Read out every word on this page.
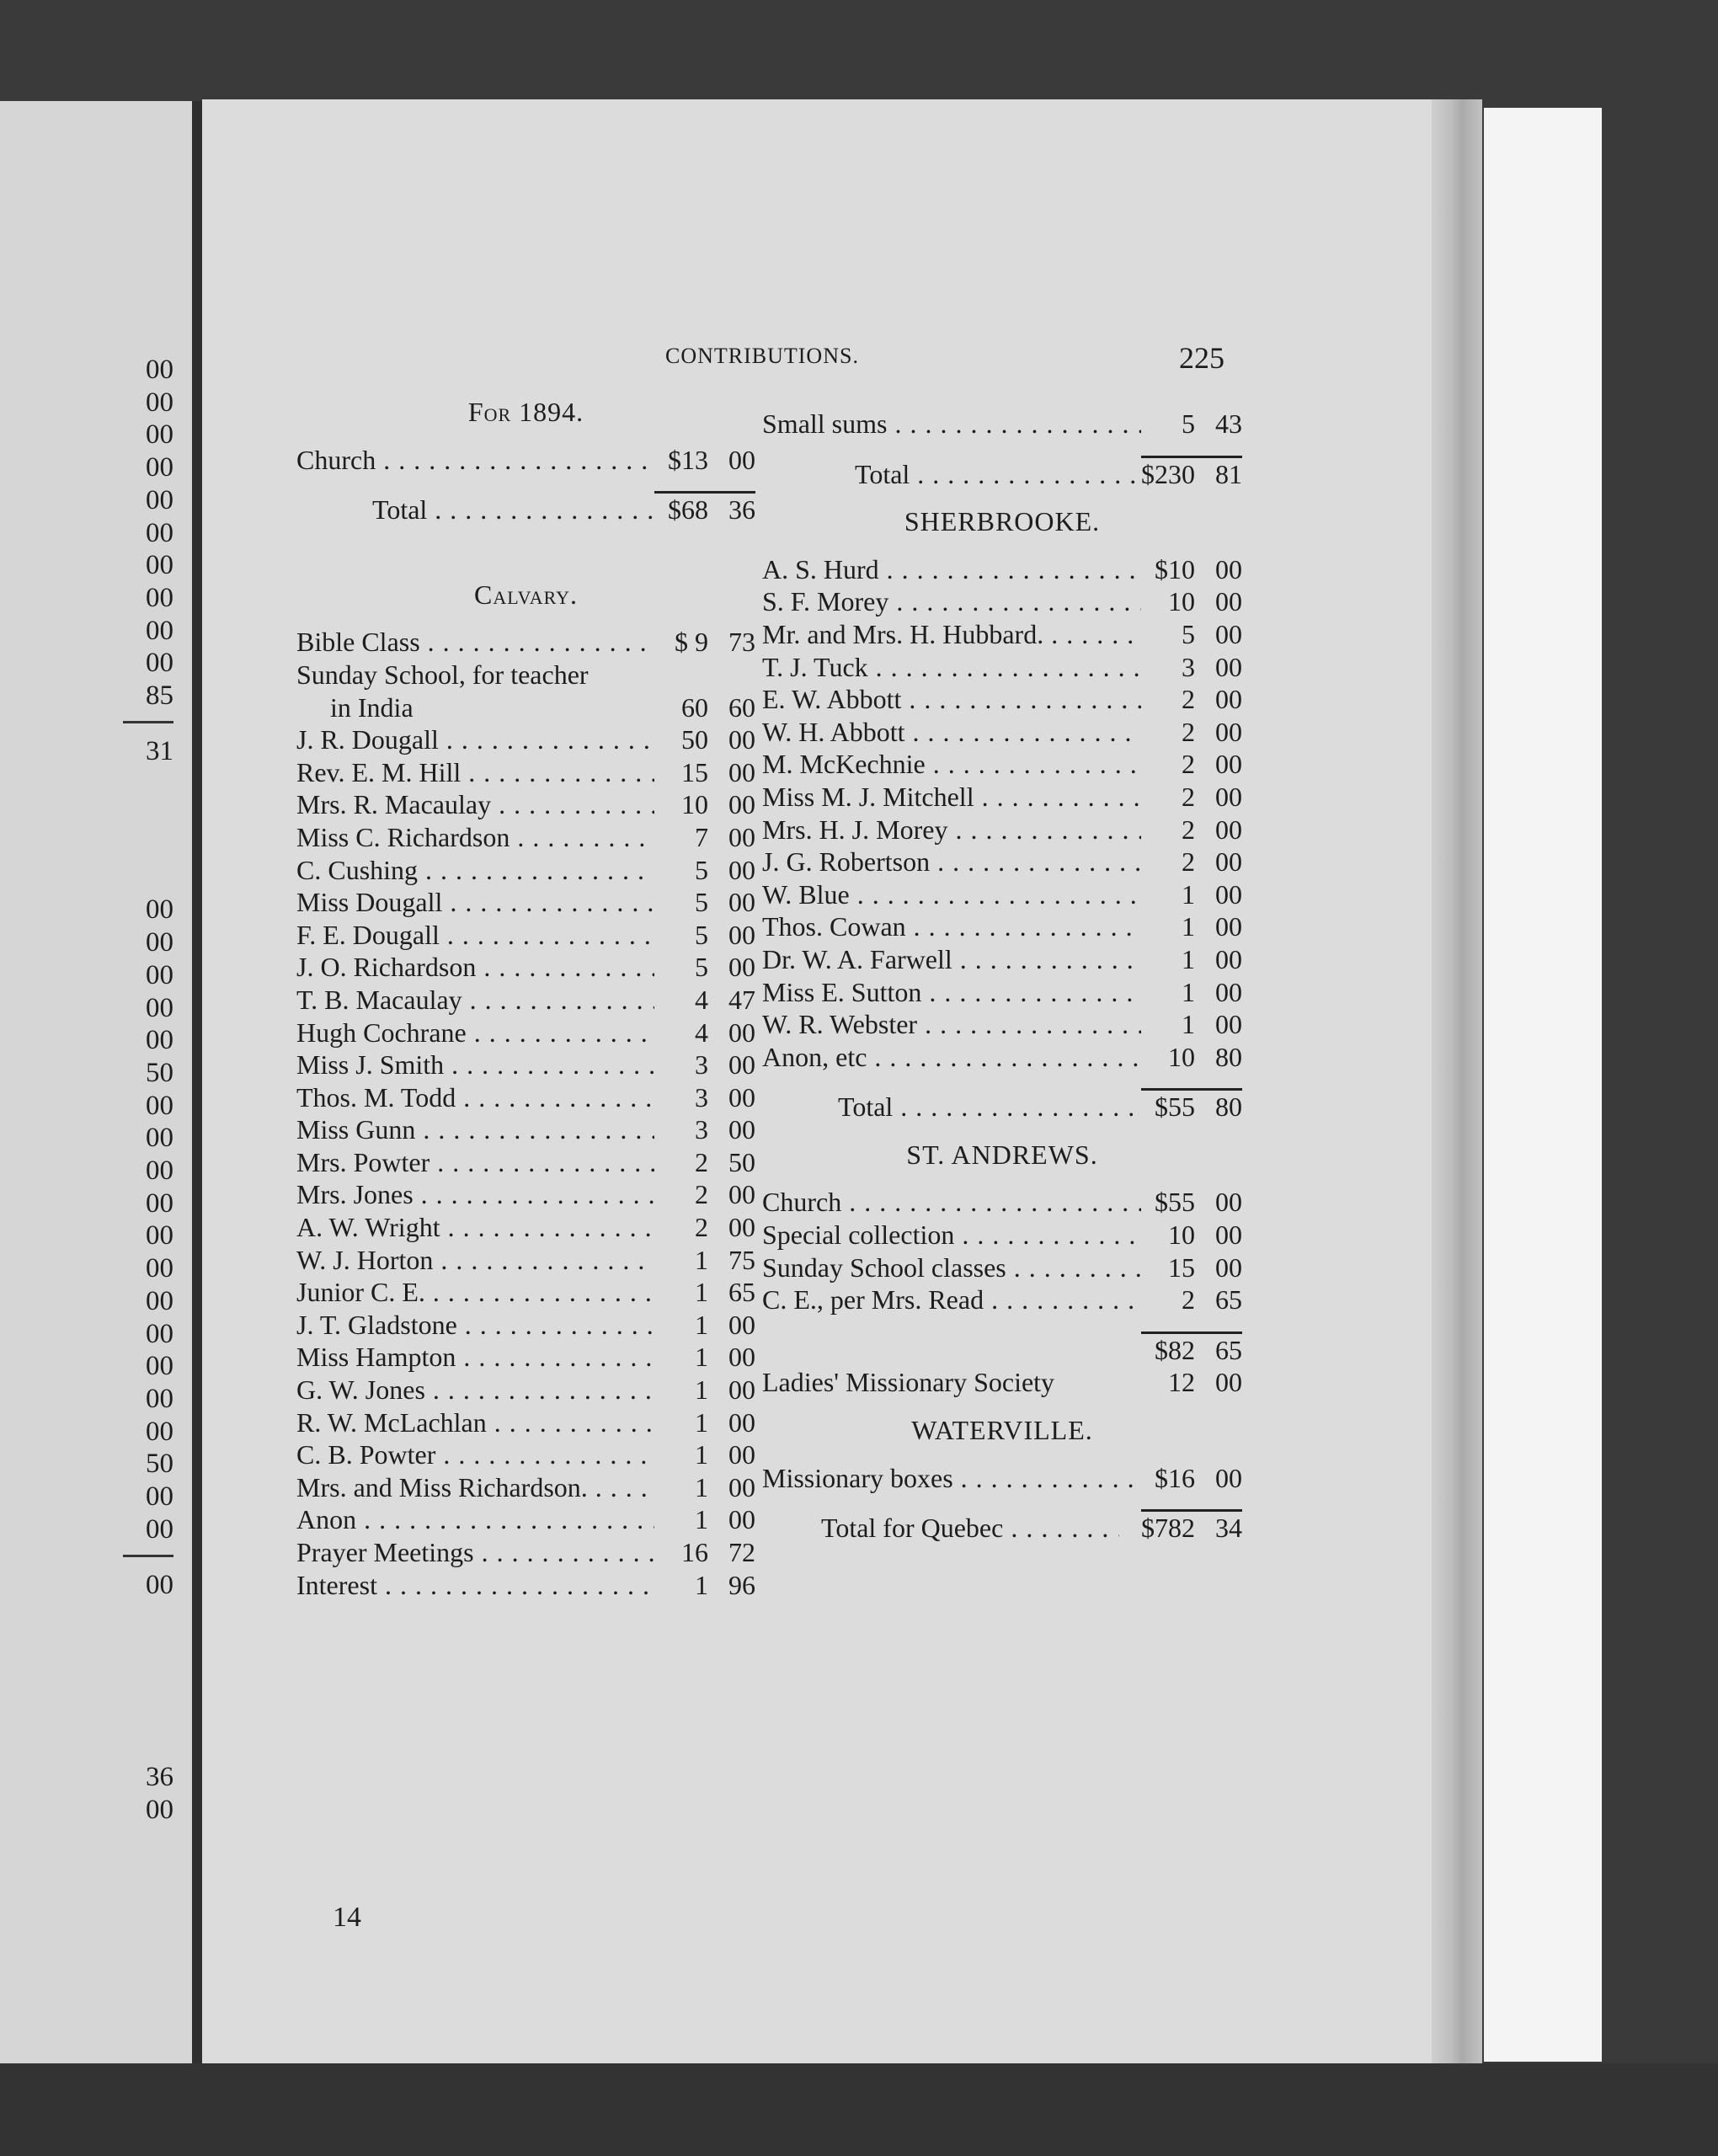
00
00
00
00
00
00
00
00
00
00
85
31
00
00
00
00
00
50
00
00
00
00
00
00
00
00
00
00
00
50
00
00
00
36
00
CONTRIBUTIONS.	225
For 1894.
Church . . .	$13 00
Total . . .	$68 36
Calvary.
Bible Class . . .	$ 9 73
Sunday School, for teacher
in India	60 60
J. R. Dougall . . .	50 00
Rev. E. M. Hill . . .	15 00
Mrs. R. Macaulay . . .	10 00
Miss C. Richardson . . .	7 00
C. Cushing . . .	5 00
Miss Dougall . . .	5 00
F. E. Dougall . . .	5 00
J. O. Richardson . . .	5 00
T. B. Macaulay . . .	4 47
Hugh Cochrane . . .	4 00
Miss J. Smith . . .	3 00
Thos. M. Todd . . .	3 00
Miss Gunn . . .	3 00
Mrs. Powter . . .	2 50
Mrs. Jones . . .	2 00
A. W. Wright . . .	2 00
W. J. Horton . . .	1 75
Junior C. E. . . .	1 65
J. T. Gladstone . . .	1 00
Miss Hampton . . .	1 00
G. W. Jones . . .	1 00
R. W. McLachlan . . .	1 00
C. B. Powter . . .	1 00
Mrs. and Miss Richardson. . . .	1 00
Anon . . .	1 00
Prayer Meetings . . .	16 72
Interest . . .	1 96
Small sums . . .	5 43
Total . . .	$230 81
SHERBROOKE.
A. S. Hurd . . .	$10 00
S. F. Morey . . .	10 00
Mr. and Mrs. H. Hubbard. . . .	5 00
T. J. Tuck . . .	3 00
E. W. Abbott . . .	2 00
W. H. Abbott . . .	2 00
M. McKechnie . . .	2 00
Miss M. J. Mitchell . . .	2 00
Mrs. H. J. Morey . . .	2 00
J. G. Robertson . . .	2 00
W. Blue . . .	1 00
Thos. Cowan . . .	1 00
Dr. W. A. Farwell . . .	1 00
Miss E. Sutton . . .	1 00
W. R. Webster . . .	1 00
Anon, etc . . .	10 80
Total . . .	$55 80
ST. ANDREWS.
Church . . .	$55 00
Special collection . . .	10 00
Sunday School classes . . .	15 00
C. E., per Mrs. Read . . .	2 65
$82 65
Ladies' Missionary Society	12 00
WATERVILLE.
Missionary boxes . . .	$16 00
Total for Quebec . . .	$782 34
14
